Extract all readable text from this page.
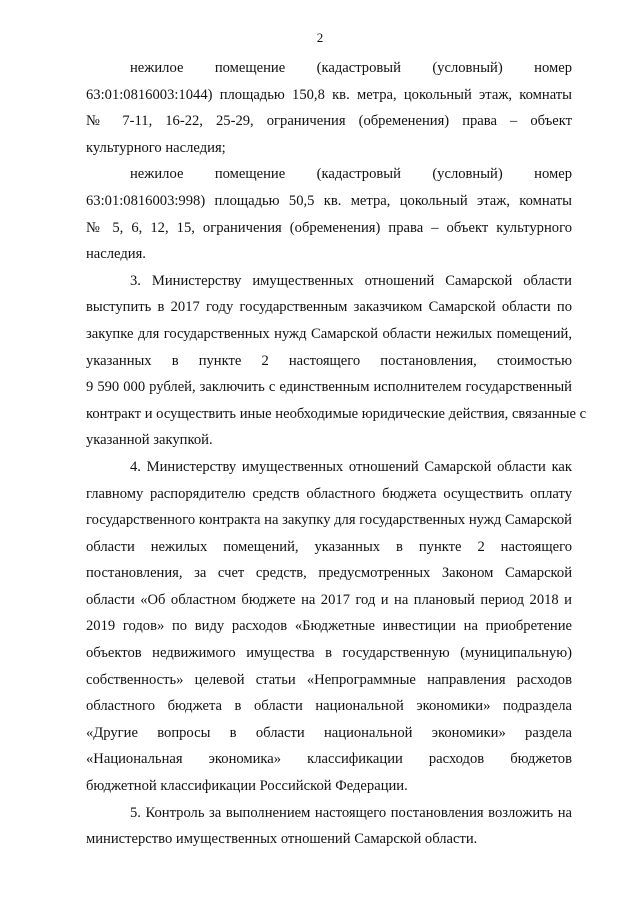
2
нежилое помещение (кадастровый (условный) номер
63:01:0816003:1044) площадью 150,8 кв. метра, цокольный этаж, комнаты
№ 7-11, 16-22, 25-29, ограничения (обременения) права – объект
культурного наследия;
нежилое помещение (кадастровый (условный) номер
63:01:0816003:998) площадью 50,5 кв. метра, цокольный этаж, комнаты
№ 5, 6, 12, 15, ограничения (обременения) права – объект культурного
наследия.
3. Министерству имущественных отношений Самарской области
выступить в 2017 году государственным заказчиком Самарской области по
закупке для государственных нужд Самарской области нежилых помещений,
указанных в пункте 2 настоящего постановления, стоимостью
9 590 000 рублей, заключить с единственным исполнителем государственный
контракт и осуществить иные необходимые юридические действия, связанные с
указанной закупкой.
4. Министерству имущественных отношений Самарской области как
главному распорядителю средств областного бюджета осуществить оплату
государственного контракта на закупку для государственных нужд Самарской
области нежилых помещений, указанных в пункте 2 настоящего
постановления, за счет средств, предусмотренных Законом Самарской
области «Об областном бюджете на 2017 год и на плановый период 2018 и
2019 годов» по виду расходов «Бюджетные инвестиции на приобретение
объектов недвижимого имущества в государственную (муниципальную)
собственность» целевой статьи «Непрограммные направления расходов
областного бюджета в области национальной экономики» подраздела
«Другие вопросы в области национальной экономики» раздела
«Национальная экономика» классификации расходов бюджетов
бюджетной классификации Российской Федерации.
5. Контроль за выполнением настоящего постановления возложить на
министерство имущественных отношений Самарской области.
